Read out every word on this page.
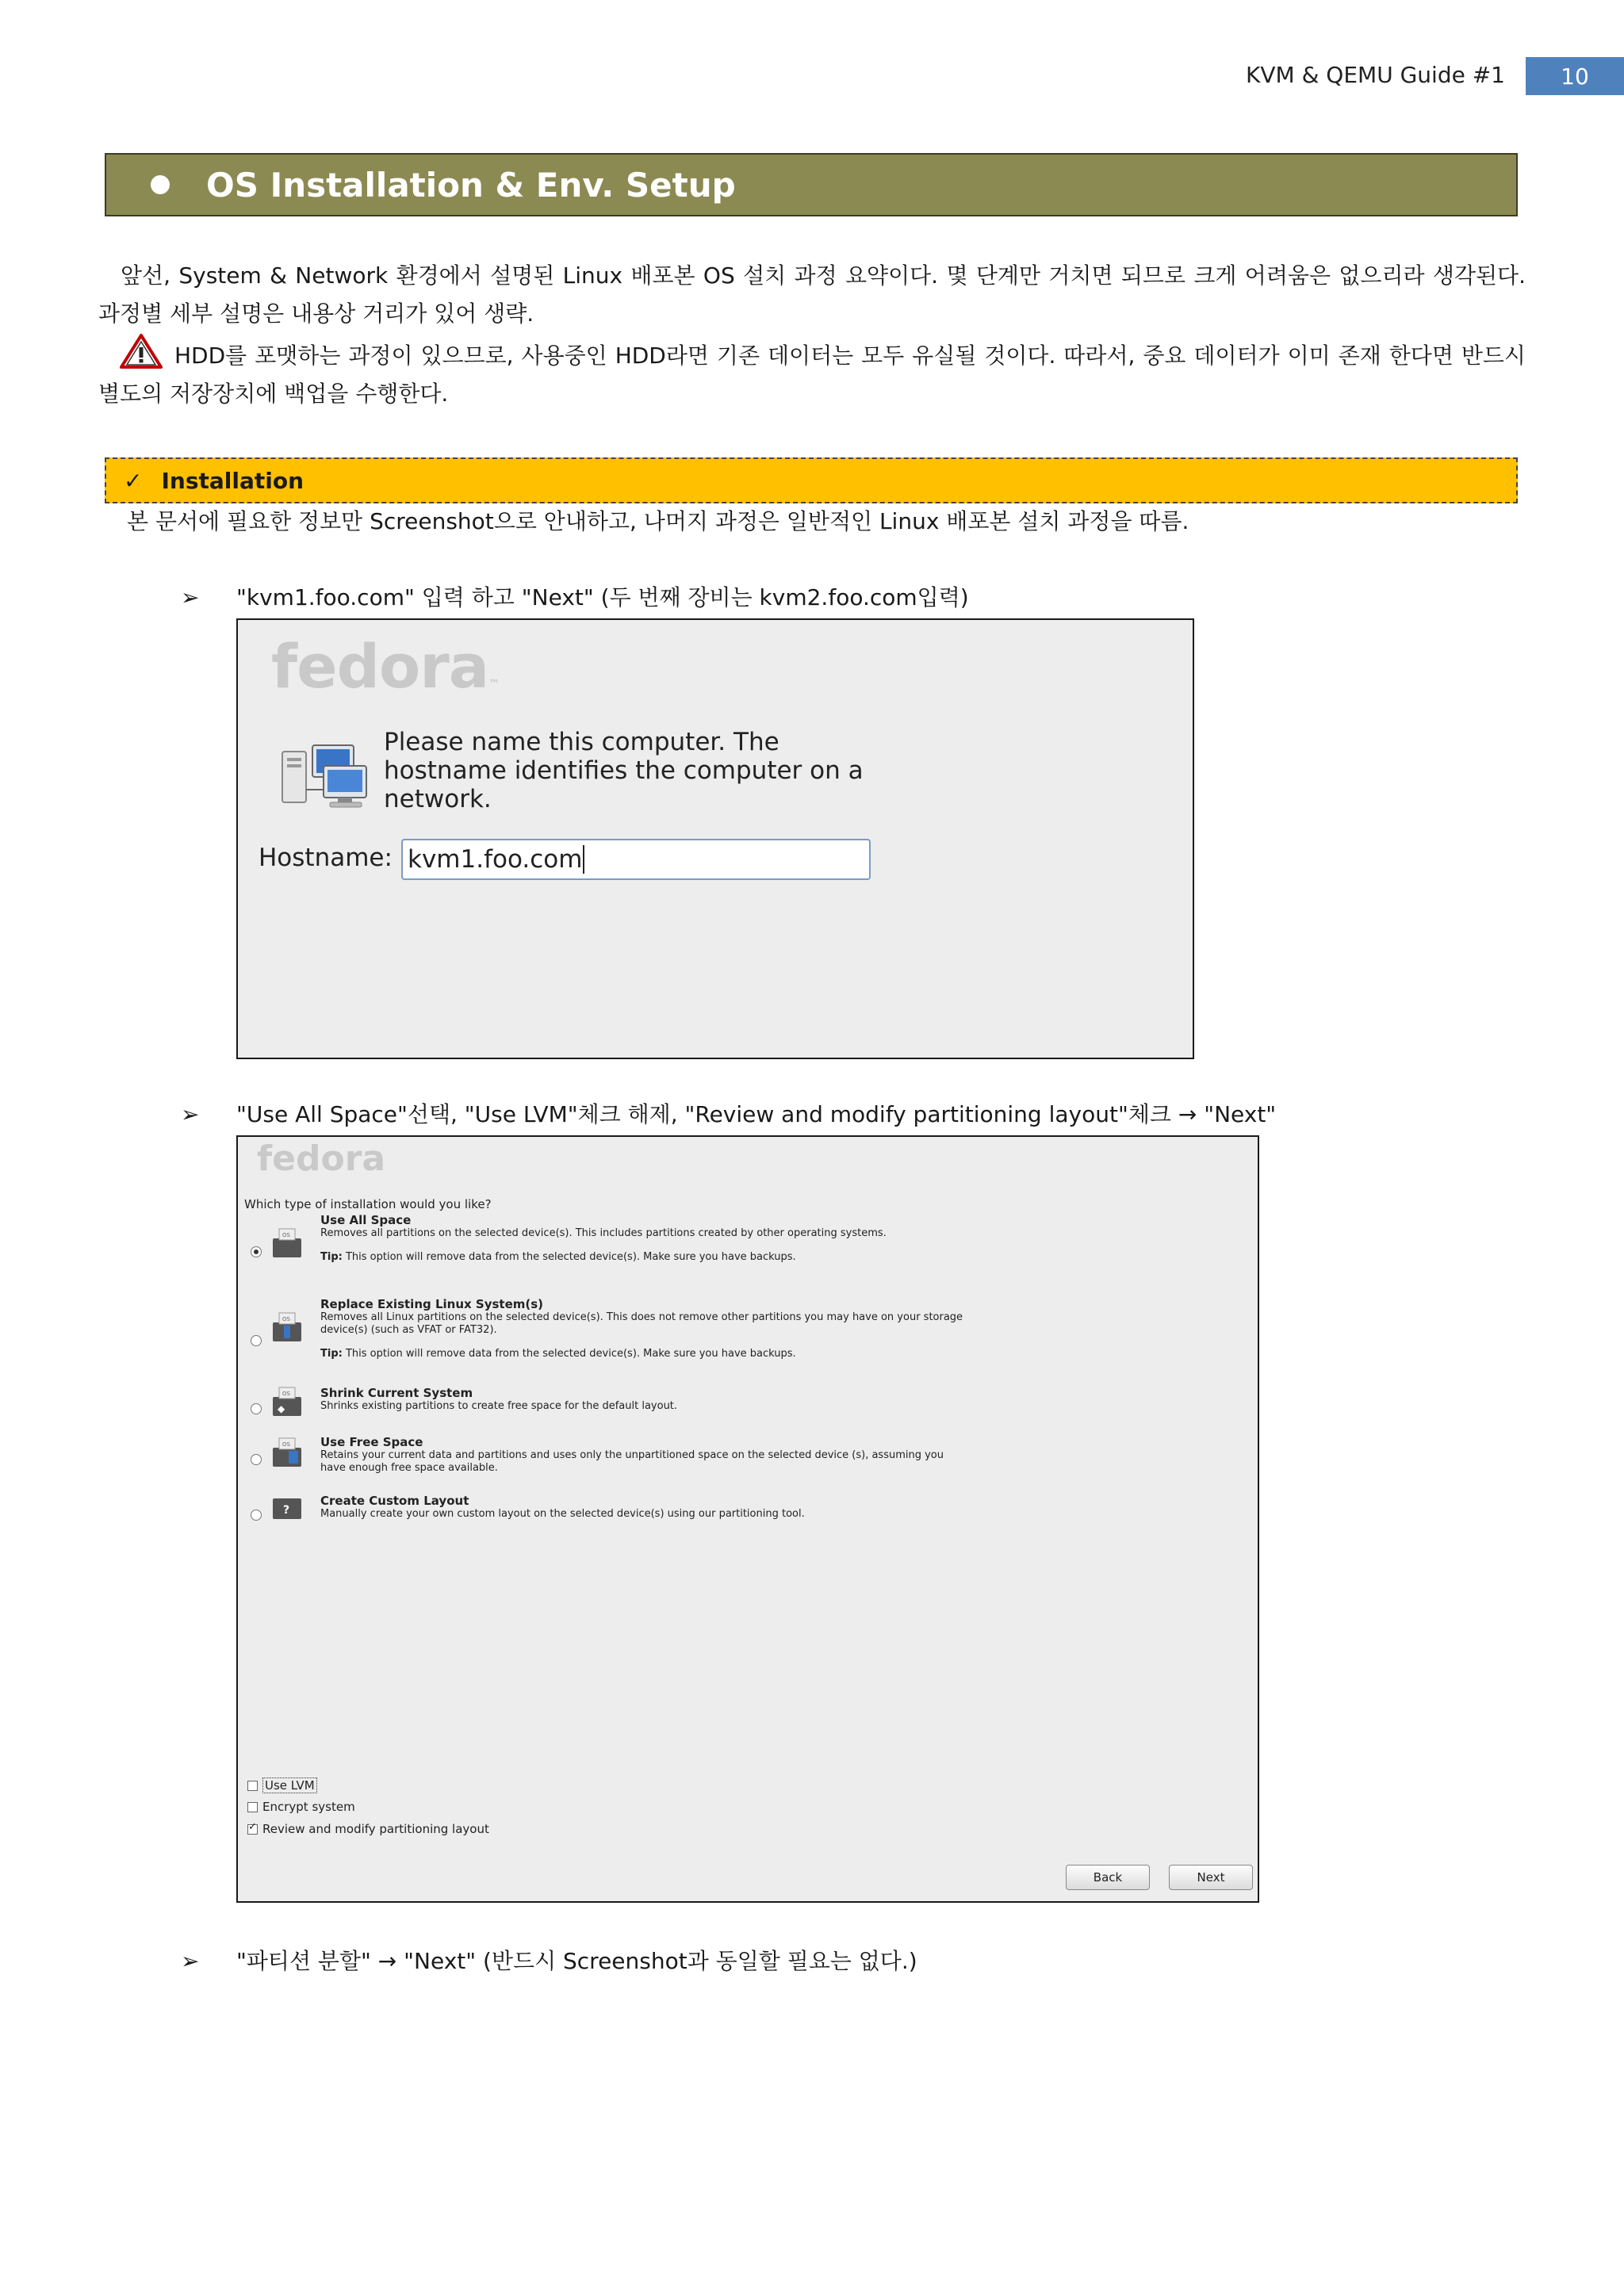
KVM & QEMU Guide #1	10
OS Installation & Env. Setup
앞선, System & Network 환경에서 설명된 Linux 배포본 OS 설치 과정 요약이다. 몇 단계만 거치면 되므로 크게 어려움은 없으리라 생각된다. 과정별 세부 설명은 내용상 거리가 있어 생략.
HDD를 포맷하는 과정이 있으므로, 사용중인 HDD라면 기존 데이터는 모두 유실될 것이다. 따라서, 중요 데이터가 이미 존재 한다면 반드시 별도의 저장장치에 백업을 수행한다.
✓ Installation
본 문서에 필요한 정보만 Screenshot으로 안내하고, 나머지 과정은 일반적인 Linux 배포본 설치 과정을 따름.
➢ "kvm1.foo.com" 입력 하고 "Next" (두 번째 장비는 kvm2.foo.com입력)
fedora™
Please name this computer. The
hostname identifies the computer on a
network.
Hostname: kvm1.foo.com
➢ "Use All Space"선택, "Use LVM"체크 해제, "Review and modify partitioning layout"체크 → "Next"
fedora
Which type of installation would you like?
OS
Use All Space
Removes all partitions on the selected device(s). This includes partitions created by other operating systems.
Tip: This option will remove data from the selected device(s). Make sure you have backups.
OS
Replace Existing Linux System(s)
Removes all Linux partitions on the selected device(s). This does not remove other partitions you may have on your storage device(s) (such as VFAT or FAT32).
Tip: This option will remove data from the selected device(s). Make sure you have backups.
OS
◆
Shrink Current System
Shrinks existing partitions to create free space for the default layout.
OS	Use Free Space
Retains your current data and partitions and uses only the unpartitioned space on the selected device (s), assuming you have enough free space available.
?
Create Custom Layout
Manually create your own custom layout on the selected device(s) using our partitioning tool.
Use LVM
Encrypt system
✓
Review and modify partitioning layout
Back	Next
➢ "파티션 분할" → "Next" (반드시 Screenshot과 동일할 필요는 없다.)
